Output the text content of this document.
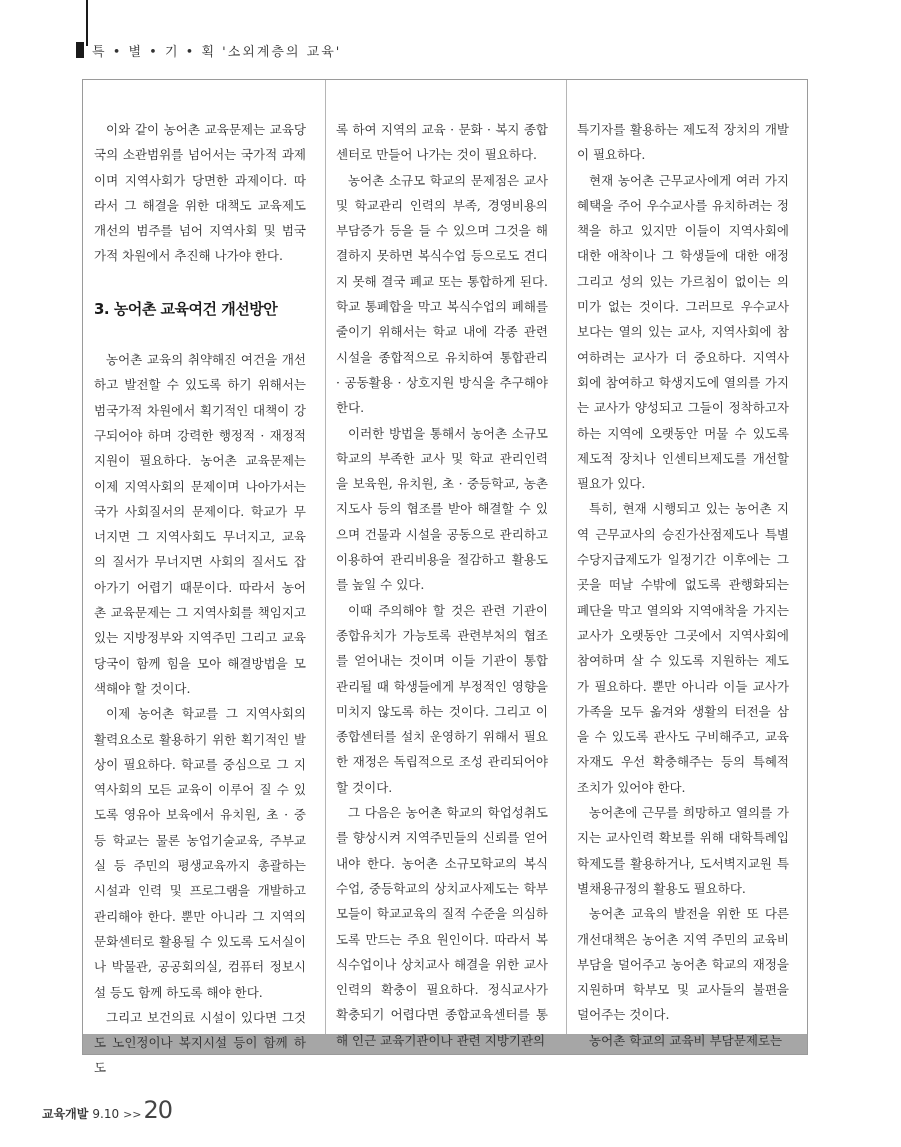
특 • 별 • 기 • 획 '소외계층의 교육'

이와 같이 농어촌 교육문제는 교육당국의 소관범위를 넘어서는 국가적 과제이며 지역사회가 당면한 과제이다. 따라서 그 해결을 위한 대책도 교육제도 개선의 범주를 넘어 지역사회 및 범국가적 차원에서 추진해 나가야 한다.

3. 농어촌 교육여건 개선방안

농어촌 교육의 취약해진 여건을 개선하고 발전할 수 있도록 하기 위해서는 범국가적 차원에서 획기적인 대책이 강구되어야 하며 강력한 행정적 · 재정적 지원이 필요하다. 농어촌 교육문제는 이제 지역사회의 문제이며 나아가서는 국가 사회질서의 문제이다. 학교가 무너지면 그 지역사회도 무너지고, 교육의 질서가 무너지면 사회의 질서도 잡아가기 어렵기 때문이다. 따라서 농어촌 교육문제는 그 지역사회를 책임지고 있는 지방정부와 지역주민 그리고 교육당국이 함께 힘을 모아 해결방법을 모색해야 할 것이다.

이제 농어촌 학교를 그 지역사회의 활력요소로 활용하기 위한 획기적인 발상이 필요하다. 학교를 중심으로 그 지역사회의 모든 교육이 이루어 질 수 있도록 영유아 보육에서 유치원, 초 · 중등 학교는 물론 농업기술교육, 주부교실 등 주민의 평생교육까지 총괄하는 시설과 인력 및 프로그램을 개발하고 관리해야 한다. 뿐만 아니라 그 지역의 문화센터로 활용될 수 있도록 도서실이나 박물관, 공공회의실, 컴퓨터 정보시설 등도 함께 하도록 해야 한다.

그리고 보건의료 시설이 있다면 그것도 노인정이나 복지시설 등이 함께 하도

록 하여 지역의 교육 · 문화 · 복지 종합센터로 만들어 나가는 것이 필요하다.

농어촌 소규모 학교의 문제점은 교사 및 학교관리 인력의 부족, 경영비용의 부담증가 등을 들 수 있으며 그것을 해결하지 못하면 복식수업 등으로도 견디지 못해 결국 폐교 또는 통합하게 된다. 학교 통폐합을 막고 복식수업의 폐해를 줄이기 위해서는 학교 내에 각종 관련 시설을 종합적으로 유치하여 통합관리 · 공동활용 · 상호지원 방식을 추구해야 한다.

이러한 방법을 통해서 농어촌 소규모 학교의 부족한 교사 및 학교 관리인력을 보육원, 유치원, 초 · 중등학교, 농촌지도사 등의 협조를 받아 해결할 수 있으며 건물과 시설을 공동으로 관리하고 이용하여 관리비용을 절감하고 활용도를 높일 수 있다.

이때 주의해야 할 것은 관련 기관이 종합유치가 가능토록 관련부처의 협조를 얻어내는 것이며 이들 기관이 통합관리될 때 학생들에게 부정적인 영향을 미치지 않도록 하는 것이다. 그리고 이 종합센터를 설치 운영하기 위해서 필요한 재정은 독립적으로 조성 관리되어야 할 것이다.

그 다음은 농어촌 학교의 학업성취도를 향상시켜 지역주민들의 신뢰를 얻어내야 한다. 농어촌 소규모학교의 복식수업, 중등학교의 상치교사제도는 학부모들이 학교교육의 질적 수준을 의심하도록 만드는 주요 원인이다. 따라서 복식수업이나 상치교사 해결을 위한 교사인력의 확충이 필요하다. 정식교사가 확충되기 어렵다면 종합교육센터를 통해 인근 교육기관이나 관련 지방기관의

특기자를 활용하는 제도적 장치의 개발이 필요하다.

현재 농어촌 근무교사에게 여러 가지 혜택을 주어 우수교사를 유치하려는 정책을 하고 있지만 이들이 지역사회에 대한 애착이나 그 학생들에 대한 애정 그리고 성의 있는 가르침이 없이는 의미가 없는 것이다. 그러므로 우수교사 보다는 열의 있는 교사, 지역사회에 참여하려는 교사가 더 중요하다. 지역사회에 참여하고 학생지도에 열의를 가지는 교사가 양성되고 그들이 정착하고자 하는 지역에 오랫동안 머물 수 있도록 제도적 장치나 인센티브제도를 개선할 필요가 있다.

특히, 현재 시행되고 있는 농어촌 지역 근무교사의 승진가산점제도나 특별수당지급제도가 일정기간 이후에는 그 곳을 떠날 수밖에 없도록 관행화되는 폐단을 막고 열의와 지역애착을 가지는 교사가 오랫동안 그곳에서 지역사회에 참여하며 살 수 있도록 지원하는 제도가 필요하다. 뿐만 아니라 이들 교사가 가족을 모두 옮겨와 생활의 터전을 삼을 수 있도록 관사도 구비해주고, 교육자재도 우선 확충해주는 등의 특혜적 조치가 있어야 한다.

농어촌에 근무를 희망하고 열의를 가지는 교사인력 확보를 위해 대학특례입학제도를 활용하거나, 도서벽지교원 특별채용규정의 활용도 필요하다.

농어촌 교육의 발전을 위한 또 다른 개선대책은 농어촌 지역 주민의 교육비 부담을 덜어주고 농어촌 학교의 재정을 지원하며 학부모 및 교사들의 불편을 덜어주는 것이다.

농어촌 학교의 교육비 부담문제로는

교육개발 9.10 >> 20
